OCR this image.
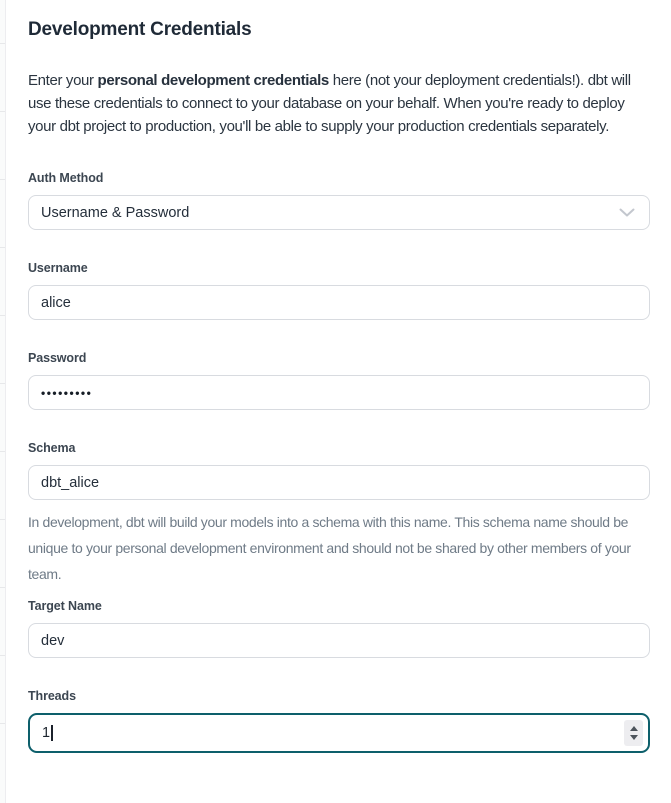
Development Credentials

Enter your personal development credentials here (not your deployment credentials!). dbt will use these credentials to connect to your database on your behalf. When you're ready to deploy your dbt project to production, you'll be able to supply your production credentials separately.

Auth Method
Username & Password
Username
alice
Password
•••••••••
Schema
dbt_alice

In development, dbt will build your models into a schema with this name. This schema name should be unique to your personal development environment and should not be shared by other members of your team.

Target Name
dev
Threads
1
